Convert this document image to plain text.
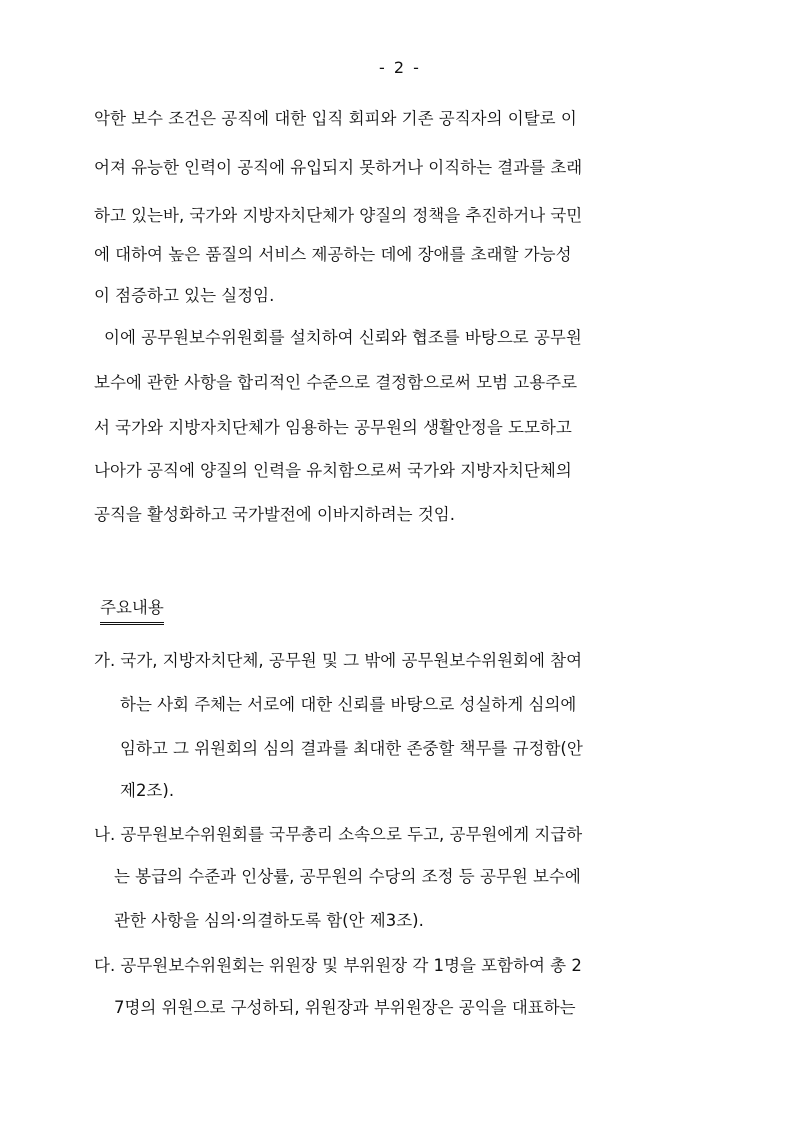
- 2 -
악한 보수 조건은 공직에 대한 입직 회피와 기존 공직자의 이탈로 이
어져 유능한 인력이 공직에 유입되지 못하거나 이직하는 결과를 초래
하고 있는바, 국가와 지방자치단체가 양질의 정책을 추진하거나 국민
에 대하여 높은 품질의 서비스 제공하는 데에 장애를 초래할 가능성
이 점증하고 있는 실정임.
이에 공무원보수위원회를 설치하여 신뢰와 협조를 바탕으로 공무원
보수에 관한 사항을 합리적인 수준으로 결정함으로써 모범 고용주로
서 국가와 지방자치단체가 임용하는 공무원의 생활안정을 도모하고
나아가 공직에 양질의 인력을 유치함으로써 국가와 지방자치단체의
공직을 활성화하고 국가발전에 이바지하려는 것임.
주요내용
가. 국가, 지방자치단체, 공무원 및 그 밖에 공무원보수위원회에 참여
하는 사회 주체는 서로에 대한 신뢰를 바탕으로 성실하게 심의에
임하고 그 위원회의 심의 결과를 최대한 존중할 책무를 규정함(안
제2조).
나. 공무원보수위원회를 국무총리 소속으로 두고, 공무원에게 지급하
는 봉급의 수준과 인상률, 공무원의 수당의 조정 등 공무원 보수에
관한 사항을 심의·의결하도록 함(안 제3조).
다. 공무원보수위원회는 위원장 및 부위원장 각 1명을 포함하여 총 2
7명의 위원으로 구성하되, 위원장과 부위원장은 공익을 대표하는
